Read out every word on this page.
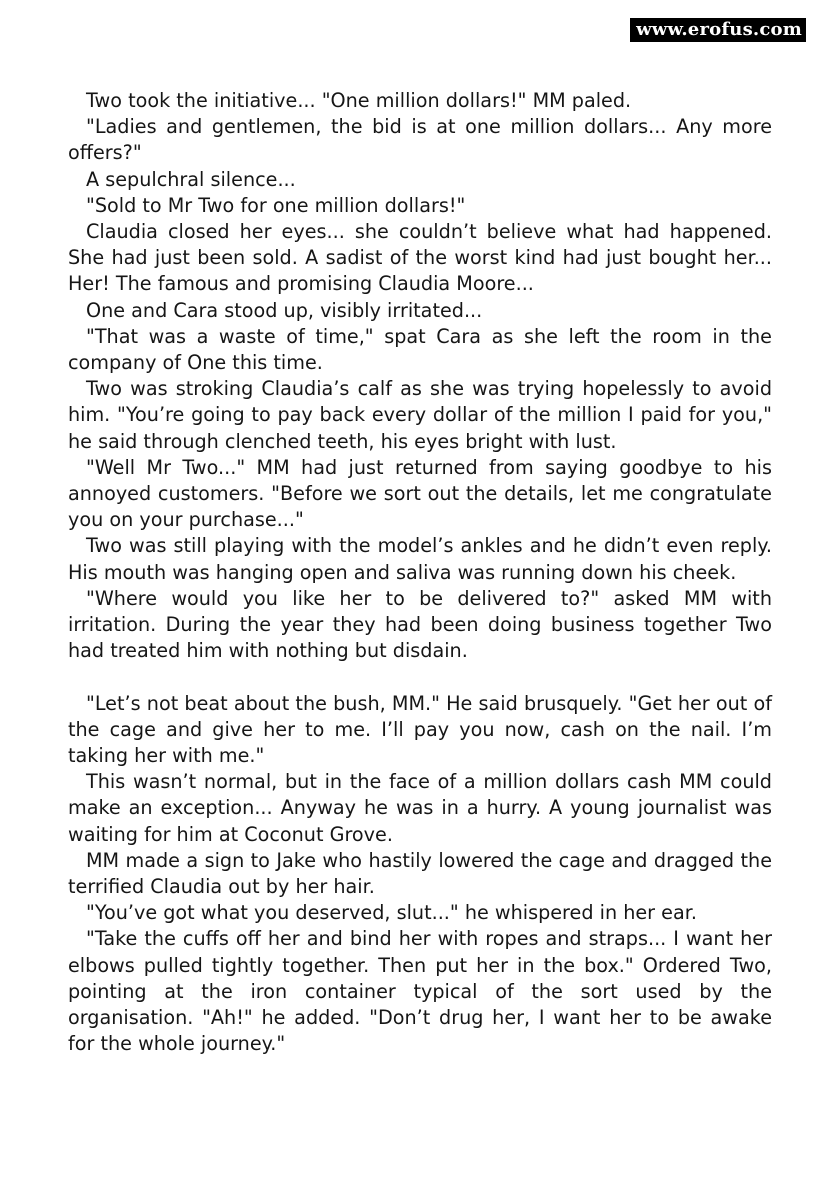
www.erofus.com

Two took the initiative... "One million dollars!" MM paled.

"Ladies and gentlemen, the bid is at one million dollars... Any more offers?"

A sepulchral silence...

"Sold to Mr Two for one million dollars!"

Claudia closed her eyes... she couldn’t believe what had happened. She had just been sold. A sadist of the worst kind had just bought her... Her! The famous and promising Claudia Moore...

One and Cara stood up, visibly irritated...

"That was a waste of time," spat Cara as she left the room in the company of One this time.

Two was stroking Claudia’s calf as she was trying hopelessly to avoid him. "You’re going to pay back every dollar of the million I paid for you," he said through clenched teeth, his eyes bright with lust.

"Well Mr Two..." MM had just returned from saying goodbye to his annoyed customers. "Before we sort out the details, let me congratulate you on your purchase..."

Two was still playing with the model’s ankles and he didn’t even reply. His mouth was hanging open and saliva was running down his cheek.

"Where would you like her to be delivered to?" asked MM with irritation. During the year they had been doing business together Two had treated him with nothing but disdain.

"Let’s not beat about the bush, MM." He said brusquely. "Get her out of the cage and give her to me. I’ll pay you now, cash on the nail. I’m taking her with me."

This wasn’t normal, but in the face of a million dollars cash MM could make an exception... Anyway he was in a hurry. A young journalist was waiting for him at Coconut Grove.

MM made a sign to Jake who hastily lowered the cage and dragged the terrified Claudia out by her hair.

"You’ve got what you deserved, slut..." he whispered in her ear.

"Take the cuffs off her and bind her with ropes and straps... I want her elbows pulled tightly together. Then put her in the box." Ordered Two, pointing at the iron container typical of the sort used by the organisation. "Ah!" he added. "Don’t drug her, I want her to be awake for the whole journey."
